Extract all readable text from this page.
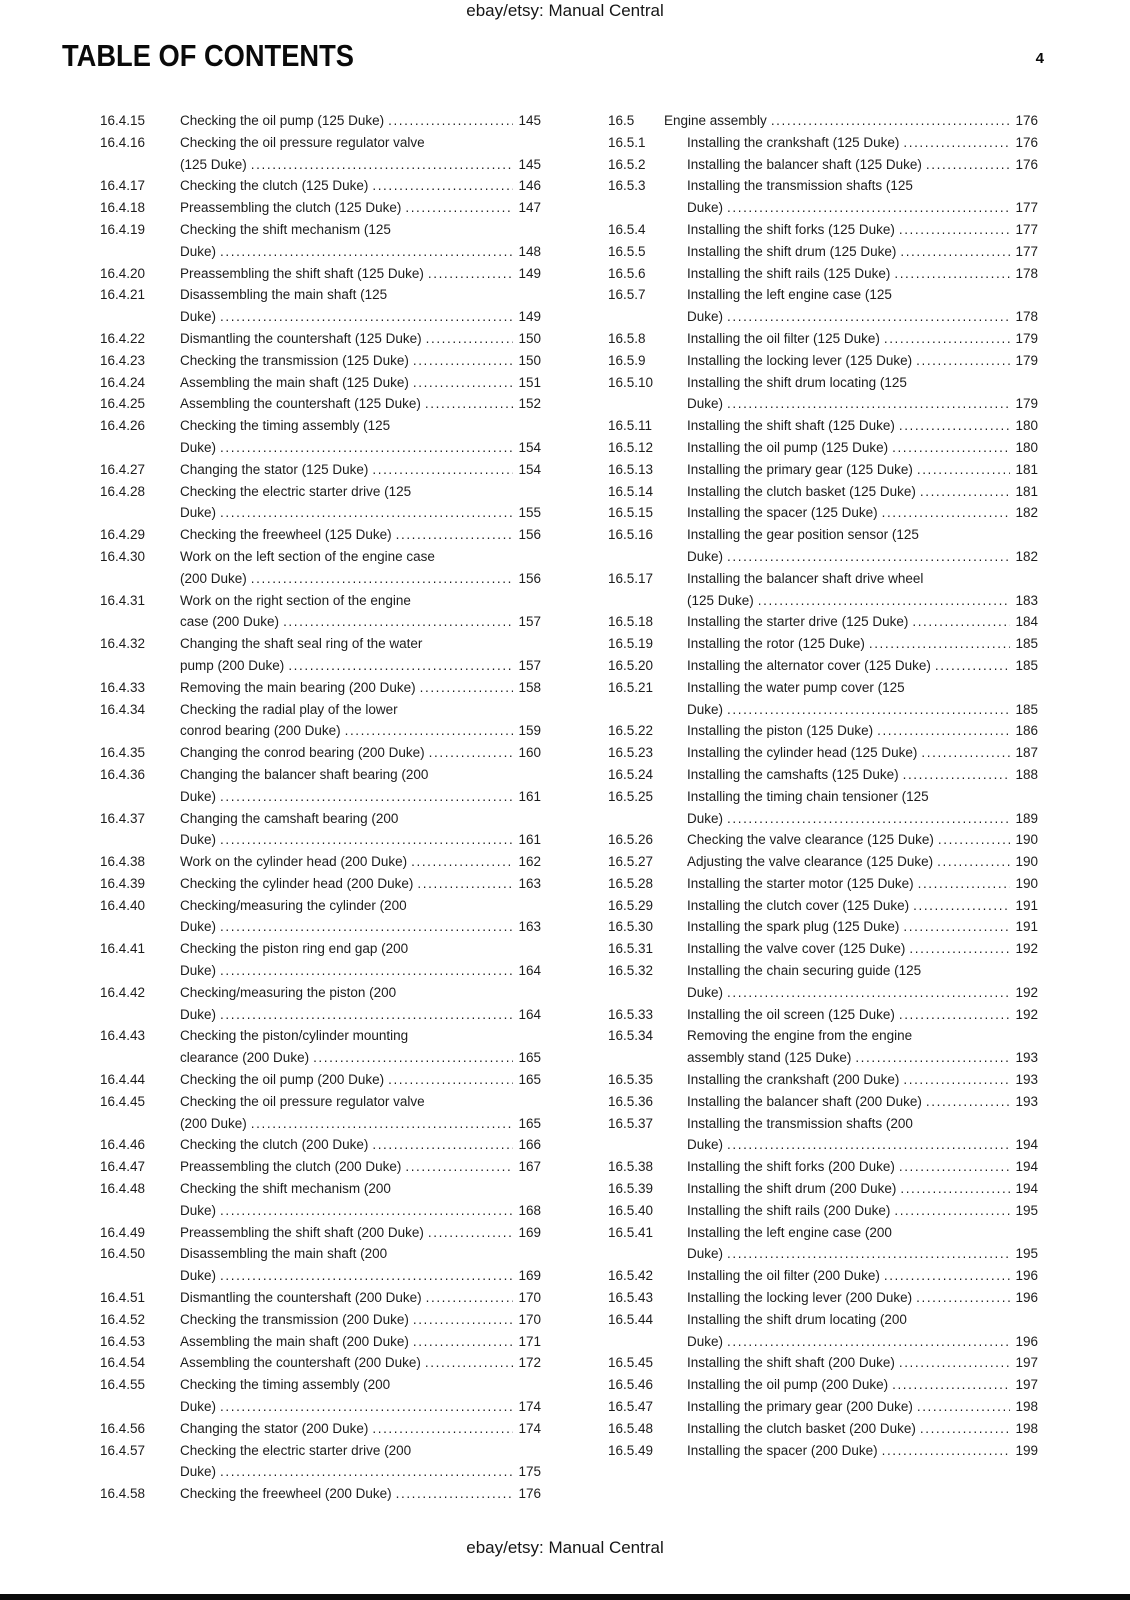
ebay/etsy: Manual Central
TABLE OF CONTENTS	4
16.4.15	Checking the oil pump (125 Duke) .....	145
16.4.16	Checking the oil pressure regulator valve
(125 Duke) .....	145
16.4.17	Checking the clutch (125 Duke) .....	146
16.4.18	Preassembling the clutch (125 Duke) .....	147
16.4.19	Checking the shift mechanism (125
Duke) .....	148
16.4.20	Preassembling the shift shaft (125 Duke) .....	149
16.4.21	Disassembling the main shaft (125
Duke) .....	149
16.4.22	Dismantling the countershaft (125 Duke) .....	150
16.4.23	Checking the transmission (125 Duke) .....	150
16.4.24	Assembling the main shaft (125 Duke) .....	151
16.4.25	Assembling the countershaft (125 Duke) .....	152
16.4.26	Checking the timing assembly (125
Duke) .....	154
16.4.27	Changing the stator (125 Duke) .....	154
16.4.28	Checking the electric starter drive (125
Duke) .....	155
16.4.29	Checking the freewheel (125 Duke) .....	156
16.4.30	Work on the left section of the engine case
(200 Duke) .....	156
16.4.31	Work on the right section of the engine
case (200 Duke) .....	157
16.4.32	Changing the shaft seal ring of the water
pump (200 Duke) .....	157
16.4.33	Removing the main bearing (200 Duke) .....	158
16.4.34	Checking the radial play of the lower
conrod bearing (200 Duke) .....	159
16.4.35	Changing the conrod bearing (200 Duke) .....	160
16.4.36	Changing the balancer shaft bearing (200
Duke) .....	161
16.4.37	Changing the camshaft bearing (200
Duke) .....	161
16.4.38	Work on the cylinder head (200 Duke) .....	162
16.4.39	Checking the cylinder head (200 Duke) .....	163
16.4.40	Checking/measuring the cylinder (200
Duke) .....	163
16.4.41	Checking the piston ring end gap (200
Duke) .....	164
16.4.42	Checking/measuring the piston (200
Duke) .....	164
16.4.43	Checking the piston/cylinder mounting
clearance (200 Duke) .....	165
16.4.44	Checking the oil pump (200 Duke) .....	165
16.4.45	Checking the oil pressure regulator valve
(200 Duke) .....	165
16.4.46	Checking the clutch (200 Duke) .....	166
16.4.47	Preassembling the clutch (200 Duke) .....	167
16.4.48	Checking the shift mechanism (200
Duke) .....	168
16.4.49	Preassembling the shift shaft (200 Duke) .....	169
16.4.50	Disassembling the main shaft (200
Duke) .....	169
16.4.51	Dismantling the countershaft (200 Duke) .....	170
16.4.52	Checking the transmission (200 Duke) .....	170
16.4.53	Assembling the main shaft (200 Duke) .....	171
16.4.54	Assembling the countershaft (200 Duke) .....	172
16.4.55	Checking the timing assembly (200
Duke) .....	174
16.4.56	Changing the stator (200 Duke) .....	174
16.4.57	Checking the electric starter drive (200
Duke) .....	175
16.4.58	Checking the freewheel (200 Duke) .....	176
16.5	Engine assembly .....	176
16.5.1	Installing the crankshaft (125 Duke) .....	176
16.5.2	Installing the balancer shaft (125 Duke) .....	176
16.5.3	Installing the transmission shafts (125
Duke) .....	177
16.5.4	Installing the shift forks (125 Duke) .....	177
16.5.5	Installing the shift drum (125 Duke) .....	177
16.5.6	Installing the shift rails (125 Duke) .....	178
16.5.7	Installing the left engine case (125
Duke) .....	178
16.5.8	Installing the oil filter (125 Duke) .....	179
16.5.9	Installing the locking lever (125 Duke) .....	179
16.5.10	Installing the shift drum locating (125
Duke) .....	179
16.5.11	Installing the shift shaft (125 Duke) .....	180
16.5.12	Installing the oil pump (125 Duke) .....	180
16.5.13	Installing the primary gear (125 Duke) .....	181
16.5.14	Installing the clutch basket (125 Duke) .....	181
16.5.15	Installing the spacer (125 Duke) .....	182
16.5.16	Installing the gear position sensor (125
Duke) .....	182
16.5.17	Installing the balancer shaft drive wheel
(125 Duke) .....	183
16.5.18	Installing the starter drive (125 Duke) .....	184
16.5.19	Installing the rotor (125 Duke) .....	185
16.5.20	Installing the alternator cover (125 Duke) .....	185
16.5.21	Installing the water pump cover (125
Duke) .....	185
16.5.22	Installing the piston (125 Duke) .....	186
16.5.23	Installing the cylinder head (125 Duke) .....	187
16.5.24	Installing the camshafts (125 Duke) .....	188
16.5.25	Installing the timing chain tensioner (125
Duke) .....	189
16.5.26	Checking the valve clearance (125 Duke) .....	190
16.5.27	Adjusting the valve clearance (125 Duke) .....	190
16.5.28	Installing the starter motor (125 Duke) .....	190
16.5.29	Installing the clutch cover (125 Duke) .....	191
16.5.30	Installing the spark plug (125 Duke) .....	191
16.5.31	Installing the valve cover (125 Duke) .....	192
16.5.32	Installing the chain securing guide (125
Duke) .....	192
16.5.33	Installing the oil screen (125 Duke) .....	192
16.5.34	Removing the engine from the engine
assembly stand (125 Duke) .....	193
16.5.35	Installing the crankshaft (200 Duke) .....	193
16.5.36	Installing the balancer shaft (200 Duke) .....	193
16.5.37	Installing the transmission shafts (200
Duke) .....	194
16.5.38	Installing the shift forks (200 Duke) .....	194
16.5.39	Installing the shift drum (200 Duke) .....	194
16.5.40	Installing the shift rails (200 Duke) .....	195
16.5.41	Installing the left engine case (200
Duke) .....	195
16.5.42	Installing the oil filter (200 Duke) .....	196
16.5.43	Installing the locking lever (200 Duke) .....	196
16.5.44	Installing the shift drum locating (200
Duke) .....	196
16.5.45	Installing the shift shaft (200 Duke) .....	197
16.5.46	Installing the oil pump (200 Duke) .....	197
16.5.47	Installing the primary gear (200 Duke) .....	198
16.5.48	Installing the clutch basket (200 Duke) .....	198
16.5.49	Installing the spacer (200 Duke) .....	199
ebay/etsy: Manual Central
